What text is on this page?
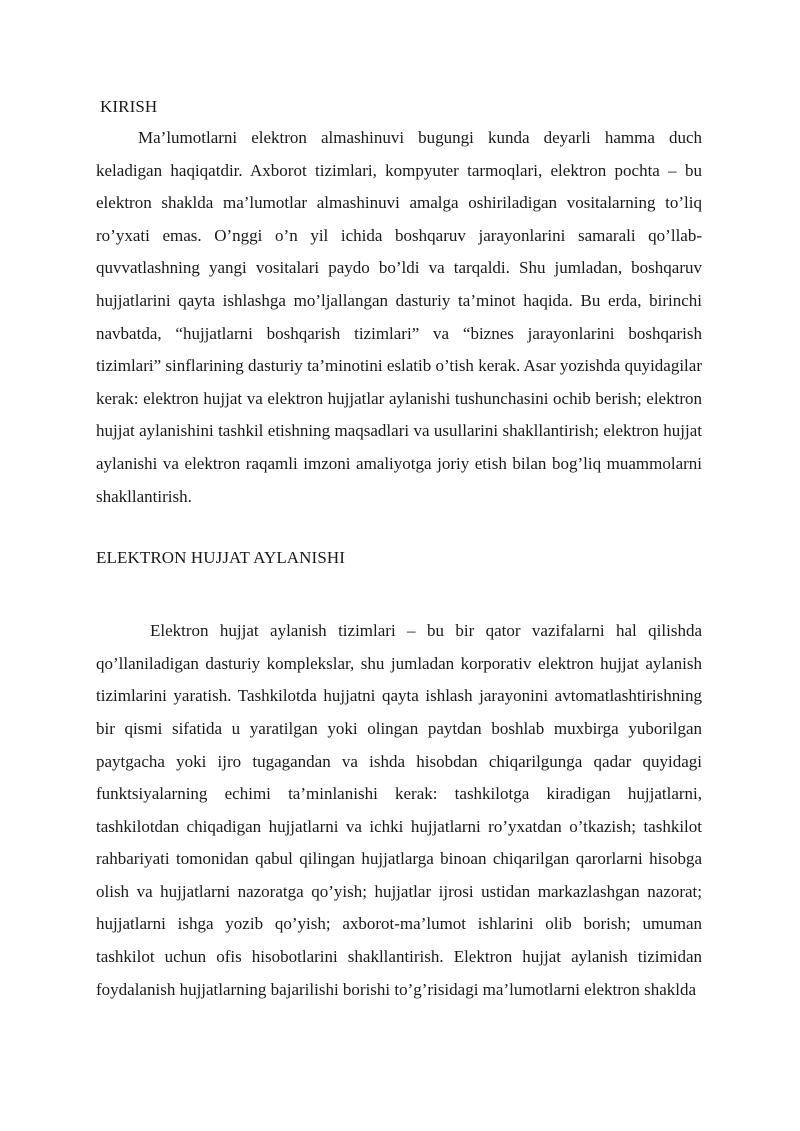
KIRISH

Ma’lumotlarni elektron almashinuvi bugungi kunda deyarli hamma duch keladigan haqiqatdir. Axborot tizimlari, kompyuter tarmoqlari, elektron pochta – bu elektron shaklda ma’lumotlar almashinuvi amalga oshiriladigan vositalarning to’liq ro’yxati emas. O’nggi o’n yil ichida boshqaruv jarayonlarini samarali qo’llab-quvvatlashning yangi vositalari paydo bo’ldi va tarqaldi. Shu jumladan, boshqaruv hujjatlarini qayta ishlashga mo’ljallangan dasturiy ta’minot haqida. Bu erda, birinchi navbatda, “hujjatlarni boshqarish tizimlari” va “biznes jarayonlarini boshqarish tizimlari” sinflarining dasturiy ta’minotini eslatib o’tish kerak. Asar yozishda quyidagilar kerak: elektron hujjat va elektron hujjatlar aylanishi tushunchasini ochib berish; elektron hujjat aylanishini tashkil etishning maqsadlari va usullarini shakllantirish; elektron hujjat aylanishi va elektron raqamli imzoni amaliyotga joriy etish bilan bog’liq muammolarni shakllantirish.

ELEKTRON HUJJAT AYLANISHI

Elektron hujjat aylanish tizimlari – bu bir qator vazifalarni hal qilishda qo’llaniladigan dasturiy komplekslar, shu jumladan korporativ elektron hujjat aylanish tizimlarini yaratish. Tashkilotda hujjatni qayta ishlash jarayonini avtomatlashtirishning bir qismi sifatida u yaratilgan yoki olingan paytdan boshlab muxbirga yuborilgan paytgacha yoki ijro tugagandan va ishda hisobdan chiqarilgunga qadar quyidagi funktsiyalarning echimi ta’minlanishi kerak: tashkilotga kiradigan hujjatlarni, tashkilotdan chiqadigan hujjatlarni va ichki hujjatlarni ro’yxatdan o’tkazish; tashkilot rahbariyati tomonidan qabul qilingan hujjatlarga binoan chiqarilgan qarorlarni hisobga olish va hujjatlarni nazoratga qo’yish; hujjatlar ijrosi ustidan markazlashgan nazorat; hujjatlarni ishga yozib qo’yish; axborot-ma’lumot ishlarini olib borish; umuman tashkilot uchun ofis hisobotlarini shakllantirish. Elektron hujjat aylanish tizimidan foydalanish hujjatlarning bajarilishi borishi to’g’risidagi ma’lumotlarni elektron shaklda
